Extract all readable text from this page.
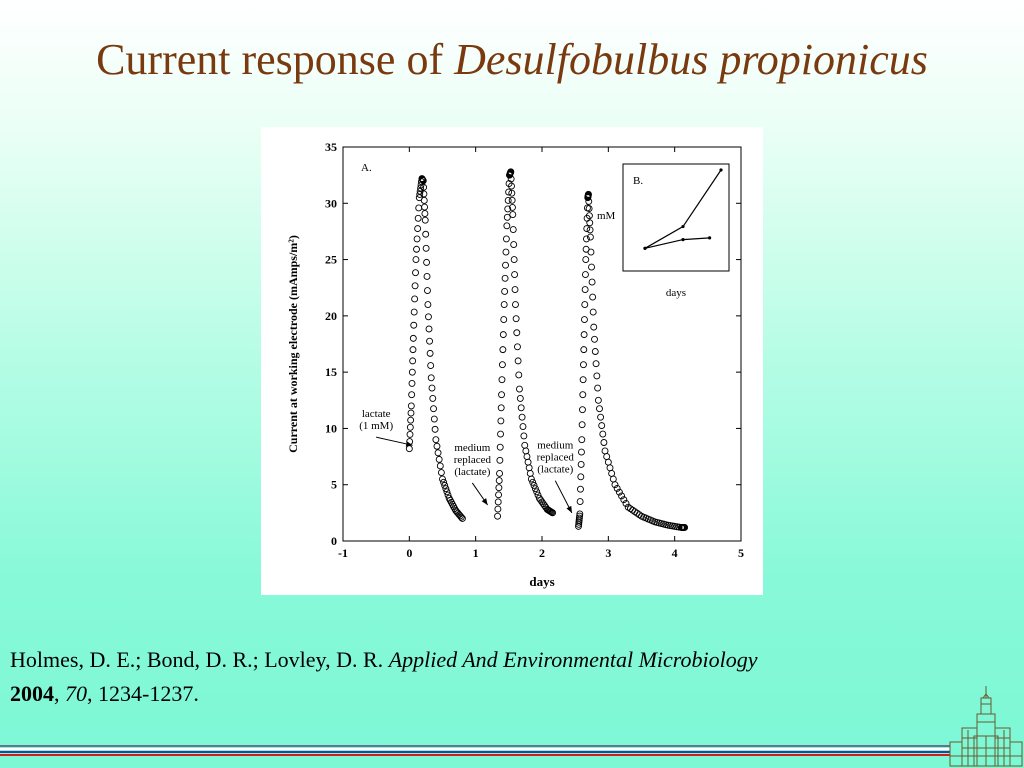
Current response of Desulfobulbus propionicus
-1	0	1	2	3	4	5
0
5
10
15
20
25
30
35
days
Current at working electrode (mAmps/m²)
A.
lactate
(1 mM)
medium
replaced
(lactate)
medium
replaced
(lactate)
B.
mM
days
Holmes, D. E.; Bond, D. R.; Lovley, D. R. Applied And Environmental Microbiology
2004, 70, 1234-1237.
